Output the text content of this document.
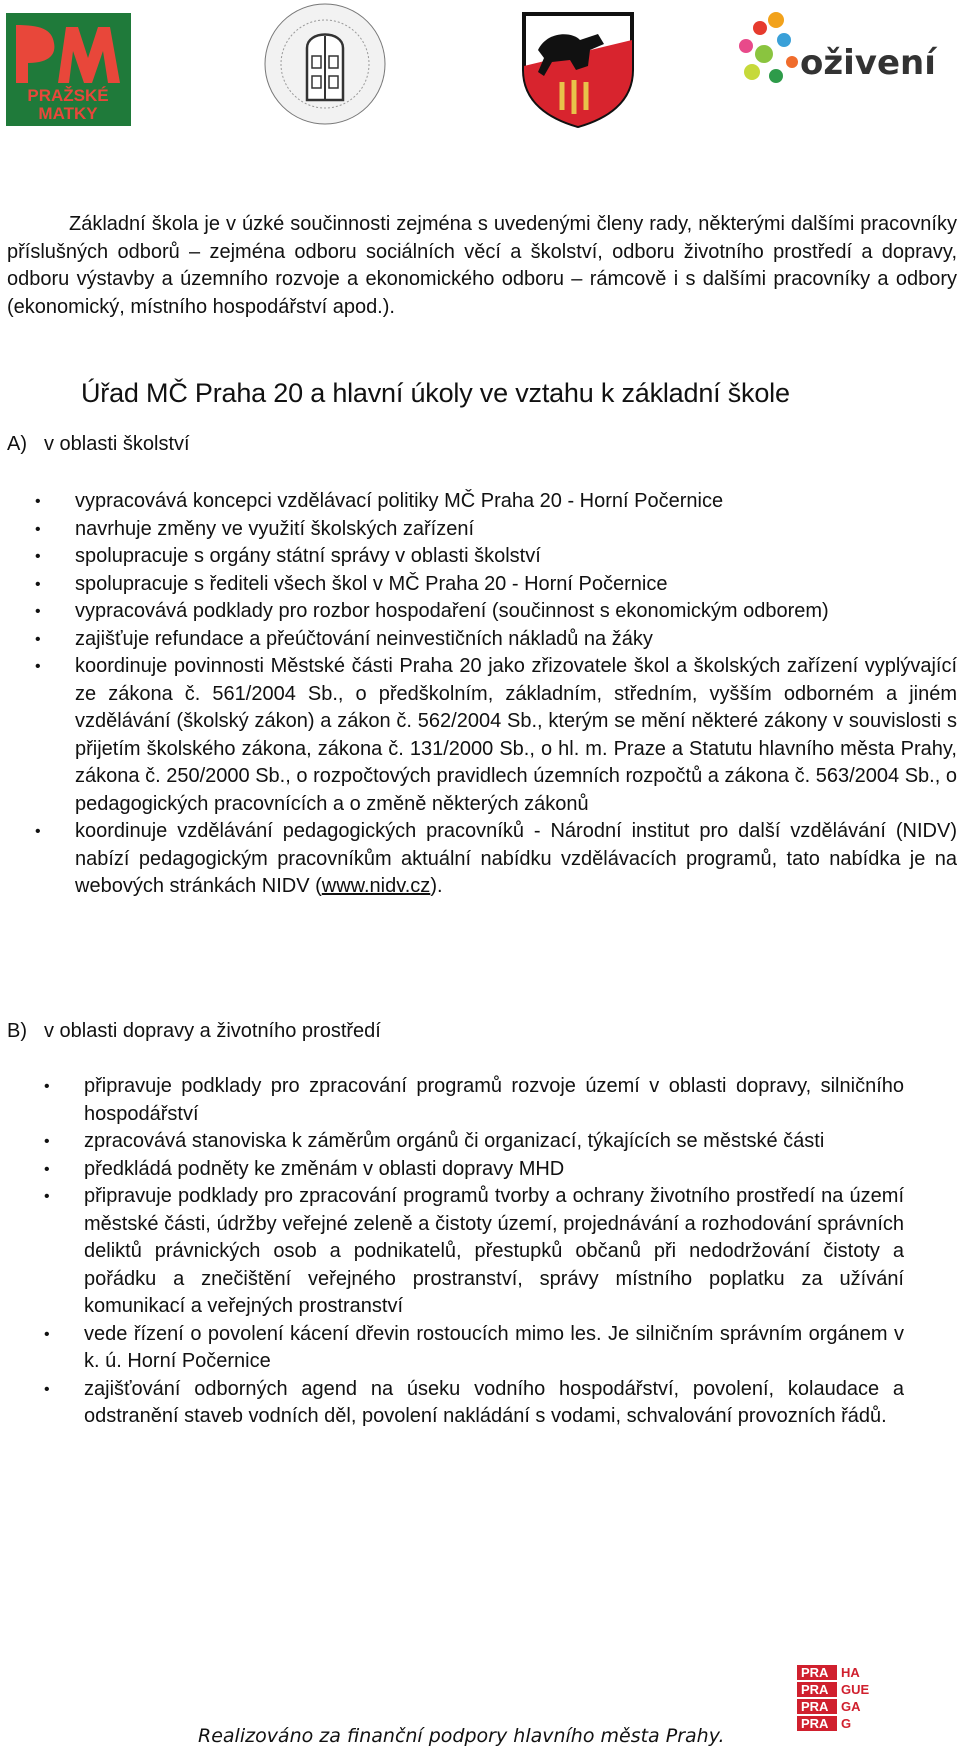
PRAŽSKÉ
MATKY
oživení
PRA HA
PRA GUE
PRA GA
PRA G

Základní škola je v úzké součinnosti zejména s uvedenými členy rady, některými dalšími pracovníky příslušných odborů – zejména odboru sociálních věcí a školství, odboru životního prostředí a dopravy, odboru výstavby a územního rozvoje a ekonomického odboru – rámcově i s dalšími pracovníky a odbory (ekonomický, místního hospodářství apod.).

Úřad MČ Praha 20 a hlavní úkoly ve vztahu k základní škole
A) v oblasti školství
• vypracovává koncepci vzdělávací politiky MČ Praha 20 - Horní Počernice
• navrhuje změny ve využití školských zařízení
• spolupracuje s orgány státní správy v oblasti školství
• spolupracuje s řediteli všech škol v MČ Praha 20 - Horní Počernice
• vypracovává podklady pro rozbor hospodaření (součinnost s ekonomickým odborem)
• zajišťuje refundace a přeúčtování neinvestičních nákladů na žáky
• koordinuje povinnosti Městské části Praha 20 jako zřizovatele škol a školských zařízení vyplývající ze zákona č. 561/2004 Sb., o předškolním, základním, středním, vyšším odborném a jiném vzdělávání (školský zákon) a zákon č. 562/2004 Sb., kterým se mění některé zákony v souvislosti s přijetím školského zákona, zákona č. 131/2000 Sb., o hl. m. Praze a Statutu hlavního města Prahy, zákona č. 250/2000 Sb., o rozpočtových pravidlech územních rozpočtů a zákona č. 563/2004 Sb., o pedagogických pracovnících a o změně některých zákonů
• koordinuje vzdělávání pedagogických pracovníků - Národní institut pro další vzdělávání (NIDV) nabízí pedagogickým pracovníkům aktuální nabídku vzdělávacích programů, tato nabídka je na webových stránkách NIDV (www.nidv.cz).
B) v oblasti dopravy a životního prostředí
• připravuje podklady pro zpracování programů rozvoje území v oblasti dopravy, silničního hospodářství
• zpracovává stanoviska k záměrům orgánů či organizací, týkajících se městské části
• předkládá podněty ke změnám v oblasti dopravy MHD
• připravuje podklady pro zpracování programů tvorby a ochrany životního prostředí na území městské části, údržby veřejné zeleně a čistoty území, projednávání a rozhodování správních deliktů právnických osob a podnikatelů, přestupků občanů při nedodržování čistoty a pořádku a znečištění veřejného prostranství, správy místního poplatku za užívání komunikací a veřejných prostranství
• vede řízení o povolení kácení dřevin rostoucích mimo les. Je silničním správním orgánem v k. ú. Horní Počernice
• zajišťování odborných agend na úseku vodního hospodářství, povolení, kolaudace a odstranění staveb vodních děl, povolení nakládání s vodami, schvalování provozních řádů.

Realizováno za finanční podpory hlavního města Prahy.
